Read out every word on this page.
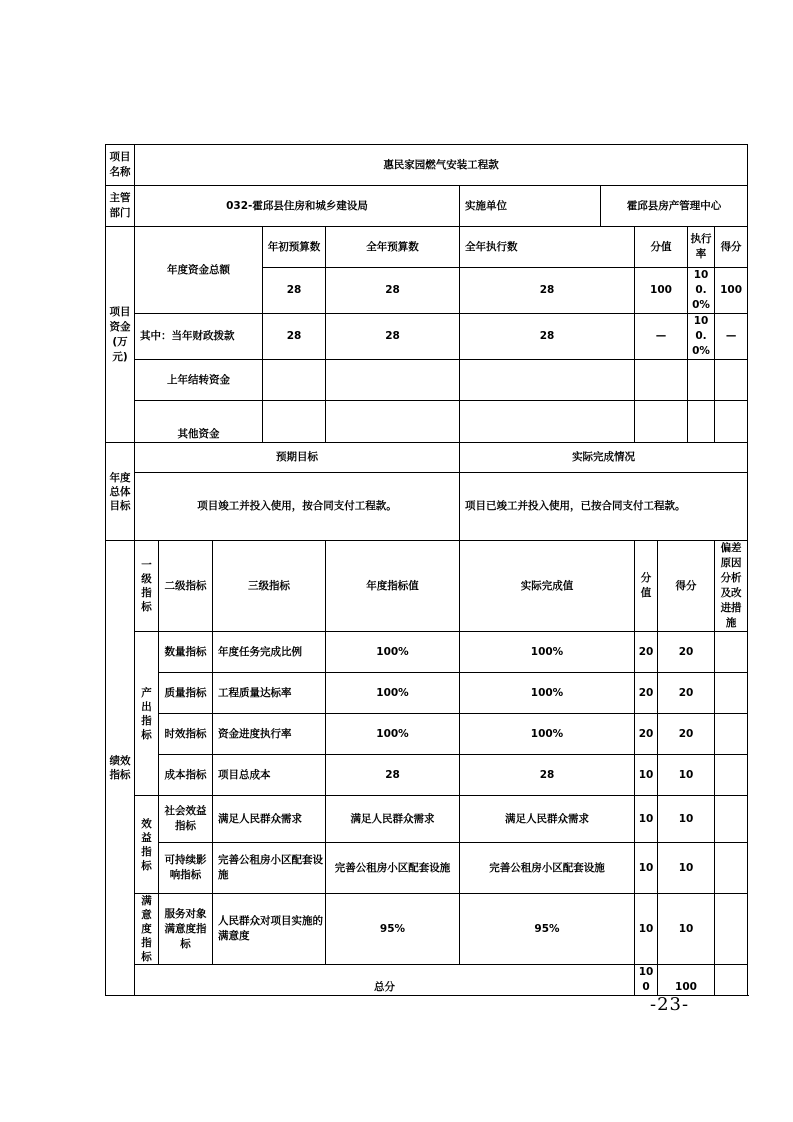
项目名称	惠民家园燃气安装工程款										
主管部门	032-霍邱县住房和城乡建设局					实施单位	霍邱县房产管理中心				
项目资金(万元)	年度资金总额			年初预算数	全年预算数	全年执行数		分值		执行率	得分
				28	28	28		100		100.0%	100
	其中：当年财政拨款			28	28	28		—		100.0%	—
	上年结转资金										
	其他资金										
年度总体目标	预期目标					实际完成情况					
	项目竣工并投入使用，按合同支付工程款。					项目已竣工并投入使用，已按合同支付工程款。					
绩效指标	一级指标	二级指标	三级指标		年度指标值	实际完成值		分值	得分		偏差原因分析及改进措施
	产出指标	数量指标	年度任务完成比例		100%	100%		20	20		
		质量指标	工程质量达标率		100%	100%		20	20		
		时效指标	资金进度执行率		100%	100%		20	20		
		成本指标	项目总成本		28	28		10	10		
	效益指标	社会效益指标	满足人民群众需求		满足人民群众需求	满足人民群众需求		10	10		
		可持续影响指标	完善公租房小区配套设施		完善公租房小区配套设施	完善公租房小区配套设施		10	10		
	满意度指标	服务对象满意度指标	人民群众对项目实施的满意度		95%	95%		10	10		
	总分							100	100		
-23-
